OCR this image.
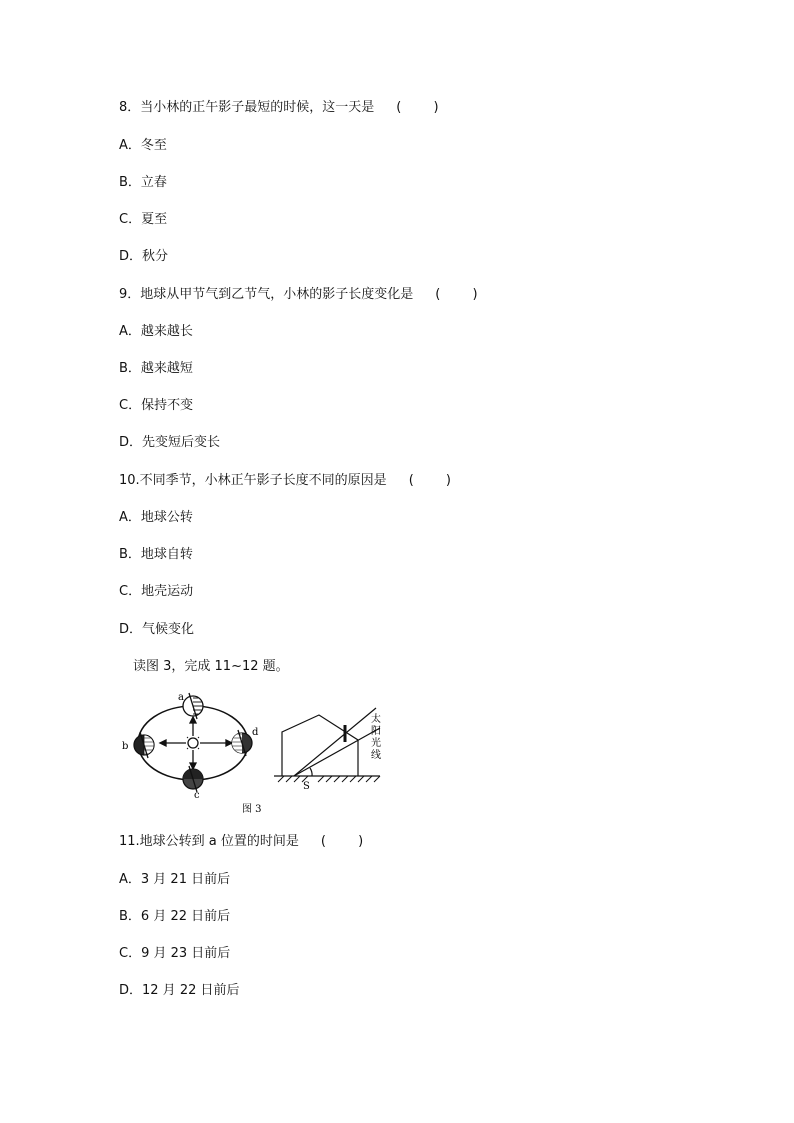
8．当小林的正午影子最短的时候，这一天是 ( )
A．冬至
B．立春
C．夏至
D．秋分
9．地球从甲节气到乙节气，小林的影子长度变化是 ( )
A．越来越长
B．越来越短
C．保持不变
D．先变短后变长
10.不同季节，小林正午影子长度不同的原因是 ( )
A．地球公转
B．地球自转
C．地壳运动
D．气候变化
读图 3，完成 11~12 题。
a
b
c
d
S
太
阳
光
线
图 3
11.地球公转到 a 位置的时间是 ( )
A．3 月 21 日前后
B．6 月 22 日前后
C．9 月 23 日前后
D．12 月 22 日前后
